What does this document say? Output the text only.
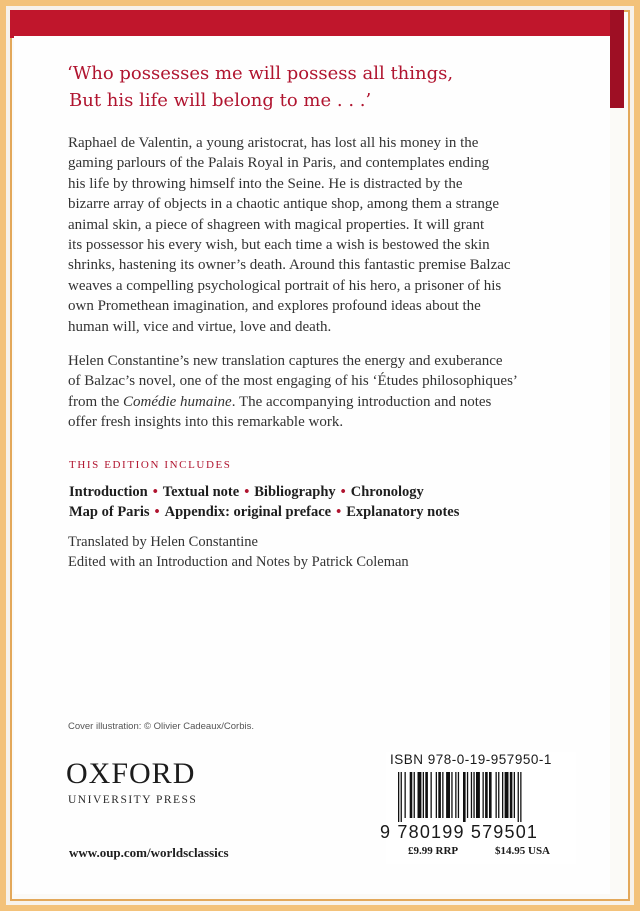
‘Who possesses me will possess all things,
But his life will belong to me . . .’
Raphael de Valentin, a young aristocrat, has lost all his money in the
gaming parlours of the Palais Royal in Paris, and contemplates ending
his life by throwing himself into the Seine. He is distracted by the
bizarre array of objects in a chaotic antique shop, among them a strange
animal skin, a piece of shagreen with magical properties. It will grant
its possessor his every wish, but each time a wish is bestowed the skin
shrinks, hastening its owner’s death. Around this fantastic premise Balzac
weaves a compelling psychological portrait of his hero, a prisoner of his
own Promethean imagination, and explores profound ideas about the
human will, vice and virtue, love and death.
Helen Constantine’s new translation captures the energy and exuberance
of Balzac’s novel, one of the most engaging of his ‘Études philosophiques’
from the Comédie humaine. The accompanying introduction and notes
offer fresh insights into this remarkable work.
THIS EDITION INCLUDES
Introduction • Textual note • Bibliography • Chronology
Map of Paris • Appendix: original preface • Explanatory notes
Translated by Helen Constantine
Edited with an Introduction and Notes by Patrick Coleman
Cover illustration: © Olivier Cadeaux/Corbis.
OXFORD
UNIVERSITY PRESS
www.oup.com/worldsclassics
ISBN 978-0-19-957950-1
9 780199 579501
£9.99 RRP	$14.95 USA
